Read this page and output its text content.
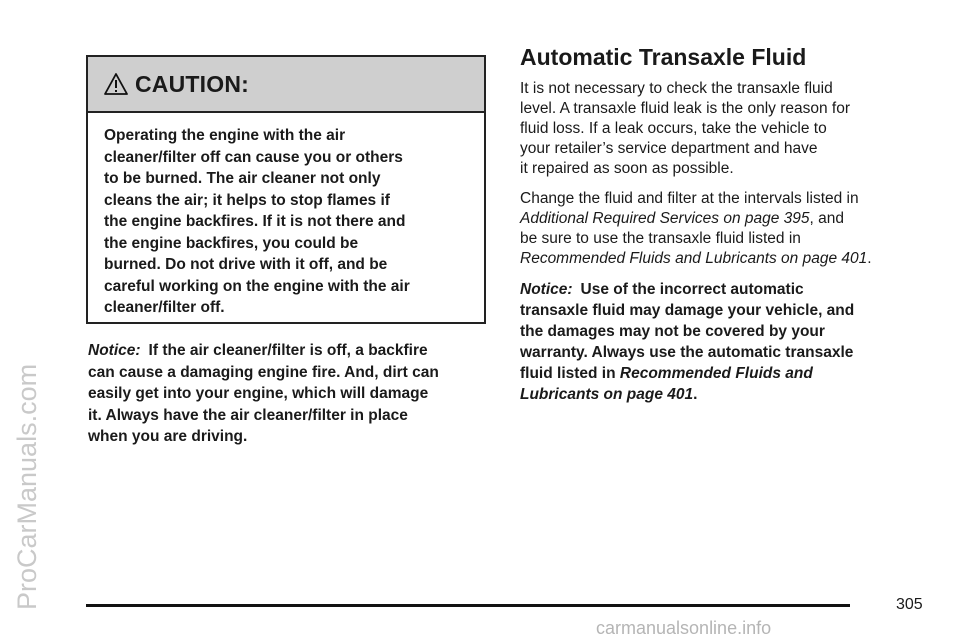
ProCarManuals.com
CAUTION:
Operating the engine with the air
cleaner/filter off can cause you or others
to be burned. The air cleaner not only
cleans the air; it helps to stop flames if
the engine backfires. If it is not there and
the engine backfires, you could be
burned. Do not drive with it off, and be
careful working on the engine with the air
cleaner/filter off.
Notice: If the air cleaner/filter is off, a backfire
can cause a damaging engine fire. And, dirt can
easily get into your engine, which will damage
it. Always have the air cleaner/filter in place
when you are driving.
Automatic Transaxle Fluid
It is not necessary to check the transaxle fluid
level. A transaxle fluid leak is the only reason for
fluid loss. If a leak occurs, take the vehicle to
your retailer’s service department and have
it repaired as soon as possible.
Change the fluid and filter at the intervals listed in
Additional Required Services on page 395, and
be sure to use the transaxle fluid listed in
Recommended Fluids and Lubricants on page 401.
Notice: Use of the incorrect automatic
transaxle fluid may damage your vehicle, and
the damages may not be covered by your
warranty. Always use the automatic transaxle
fluid listed in Recommended Fluids and
Lubricants on page 401.
305
carmanualsonline.info
